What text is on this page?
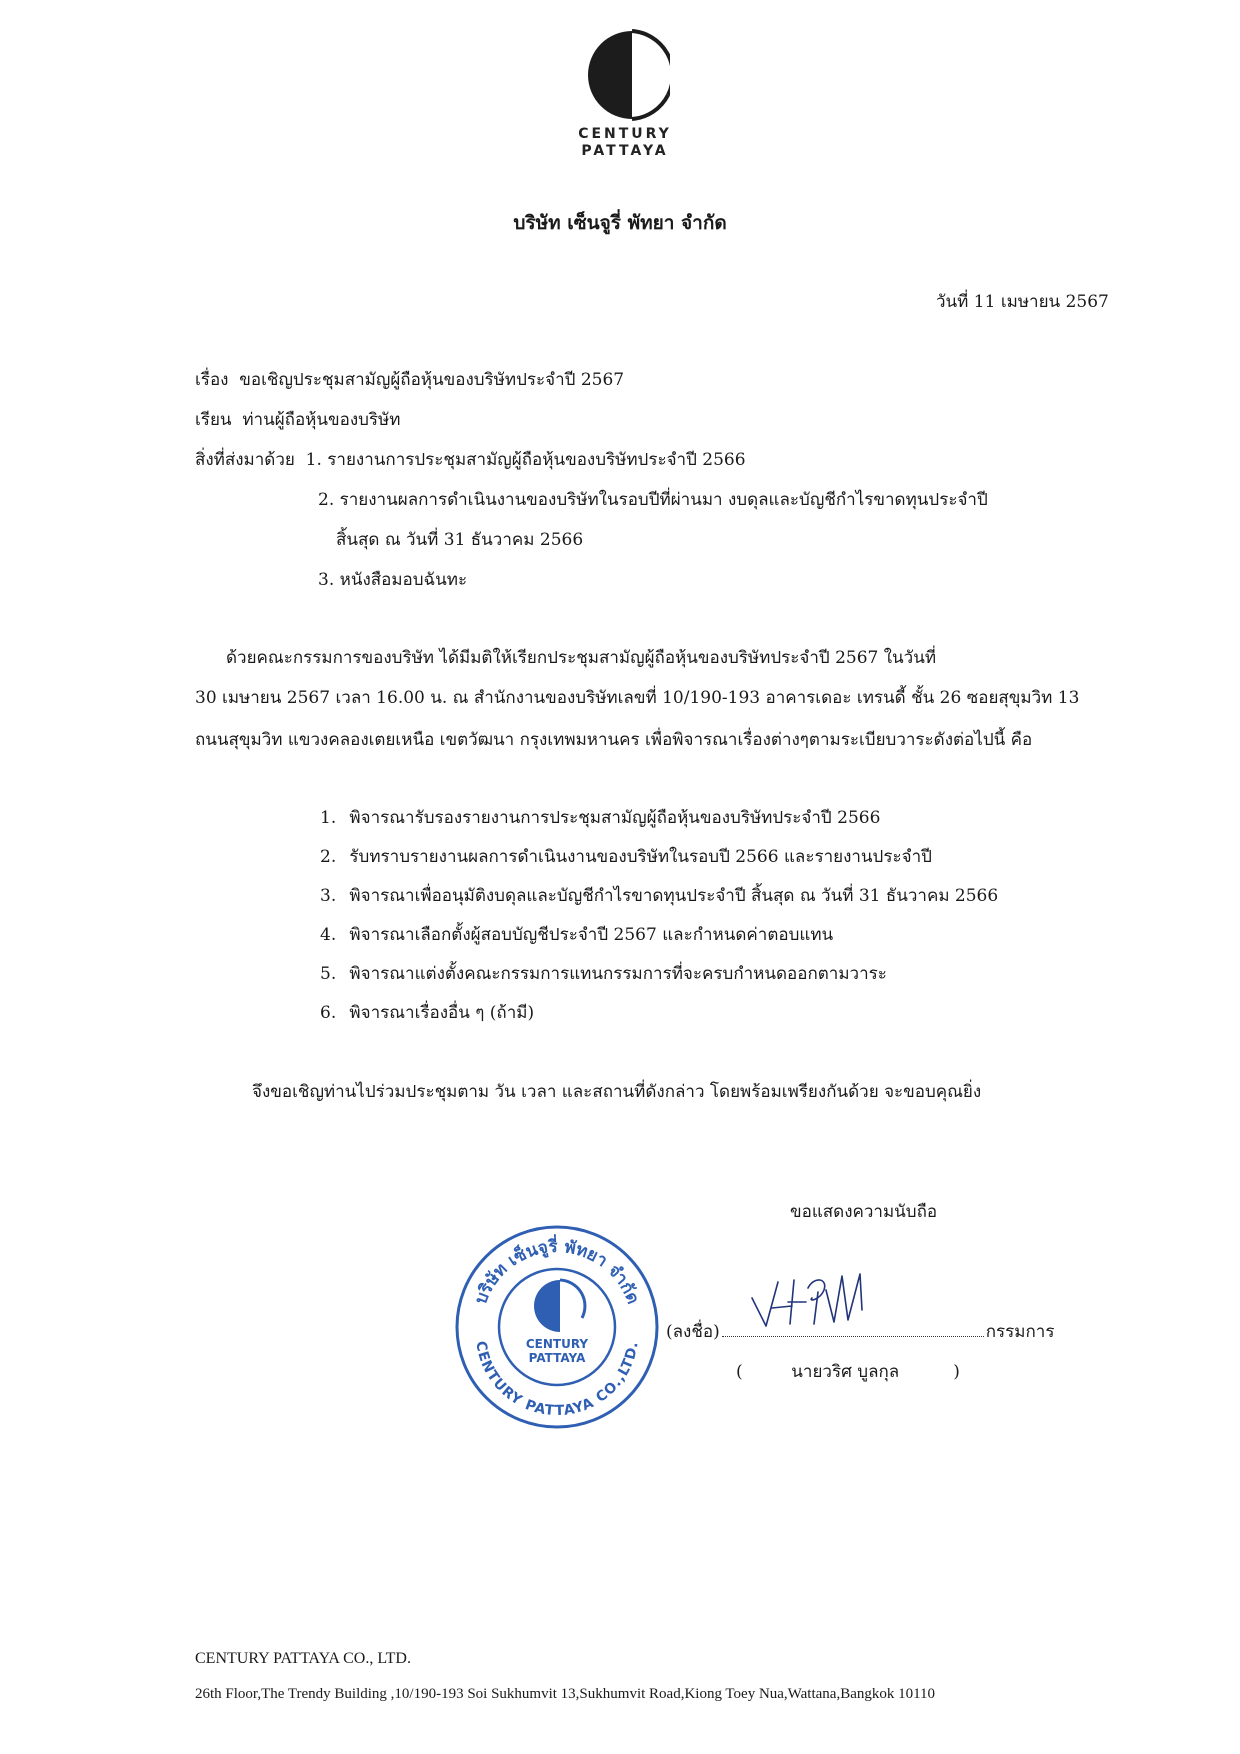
CENTURY
PATTAYA
บริษัท เซ็นจูรี่ พัทยา จำกัด
วันที่ 11 เมษายน 2567
เรื่อง ขอเชิญประชุมสามัญผู้ถือหุ้นของบริษัทประจำปี 2567
เรียน ท่านผู้ถือหุ้นของบริษัท
สิ่งที่ส่งมาด้วย 1. รายงานการประชุมสามัญผู้ถือหุ้นของบริษัทประจำปี 2566
2. รายงานผลการดำเนินงานของบริษัทในรอบปีที่ผ่านมา งบดุลและบัญชีกำไรขาดทุนประจำปี
สิ้นสุด ณ วันที่ 31 ธันวาคม 2566
3. หนังสือมอบฉันทะ
ด้วยคณะกรรมการของบริษัท ได้มีมติให้เรียกประชุมสามัญผู้ถือหุ้นของบริษัทประจำปี 2567 ในวันที่
30 เมษายน 2567 เวลา 16.00 น. ณ สำนักงานของบริษัทเลขที่ 10/190-193 อาคารเดอะ เทรนดี้ ชั้น 26 ซอยสุขุมวิท 13
ถนนสุขุมวิท แขวงคลองเตยเหนือ เขตวัฒนา กรุงเทพมหานคร เพื่อพิจารณาเรื่องต่างๆตามระเบียบวาระดังต่อไปนี้ คือ
1. พิจารณารับรองรายงานการประชุมสามัญผู้ถือหุ้นของบริษัทประจำปี 2566
2. รับทราบรายงานผลการดำเนินงานของบริษัทในรอบปี 2566 และรายงานประจำปี
3. พิจารณาเพื่ออนุมัติงบดุลและบัญชีกำไรขาดทุนประจำปี สิ้นสุด ณ วันที่ 31 ธันวาคม 2566
4. พิจารณาเลือกตั้งผู้สอบบัญชีประจำปี 2567 และกำหนดค่าตอบแทน
5. พิจารณาแต่งตั้งคณะกรรมการแทนกรรมการที่จะครบกำหนดออกตามวาระ
6. พิจารณาเรื่องอื่น ๆ (ถ้ามี)
จึงขอเชิญท่านไปร่วมประชุมตาม วัน เวลา และสถานที่ดังกล่าว โดยพร้อมเพรียงกันด้วย จะขอบคุณยิ่ง
ขอแสดงความนับถือ
บริษัท เซ็นจูรี่ พัทยา จำกัด
CENTURY PATTAYA CO.,LTD.
CENTURY
PATTAYA
(ลงชื่อ)	กรรมการ
(	นายวริศ บูลกุล	)
CENTURY PATTAYA CO., LTD.
26th Floor,The Trendy Building ,10/190-193 Soi Sukhumvit 13,Sukhumvit Road,Kiong Toey Nua,Wattana,Bangkok 10110
